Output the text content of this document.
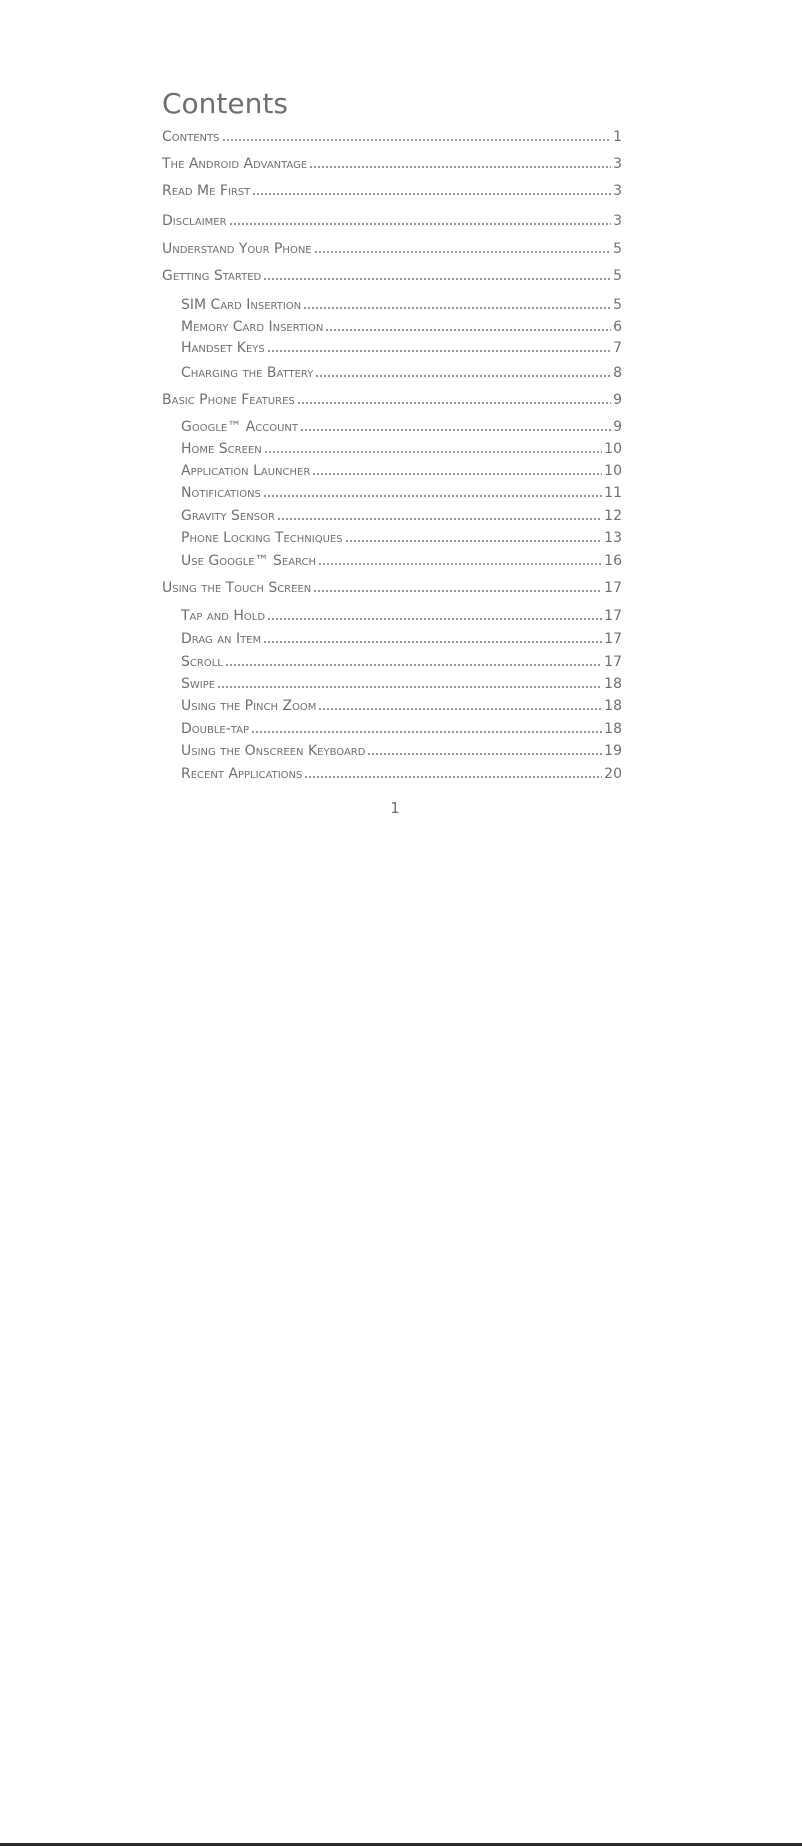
Contents
Contents	1
The Android Advantage	3
Read Me First	3
Disclaimer	3
Understand Your Phone	5
Getting Started	5
SIM Card Insertion	5
Memory Card Insertion	6
Handset Keys	7
Charging the Battery	8
Basic Phone Features	9
Google™ Account	9
Home Screen	10
Application Launcher	10
Notifications	11
Gravity Sensor	12
Phone Locking Techniques	13
Use Google™ Search	16
Using the Touch Screen	17
Tap and Hold	17
Drag an Item	17
Scroll	17
Swipe	18
Using the Pinch Zoom	18
Double-tap	18
Using the Onscreen Keyboard	19
Recent Applications	20
1
